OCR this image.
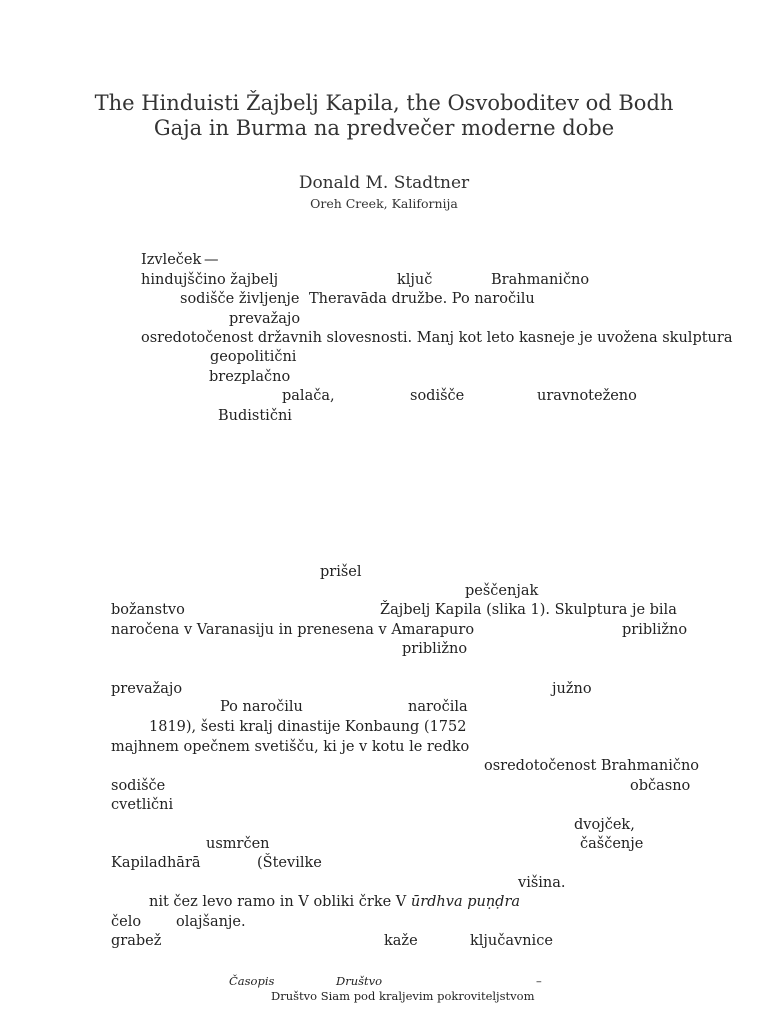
The Hinduisti Žajbelj Kapila, the Osvoboditev od Bodh
Gaja in Burma na predvečer moderne dobe
Donald M. Stadtner
Oreh Creek, Kalifornija
Izvleček —
hindujščino žajbelj	ključ	Brahmanično
sodišče življenje Theravāda družbe. Po naročilu
prevažajo
osredotočenost državnih slovesnosti. Manj kot leto kasneje je uvožena skulptura
geopolitični
brezplačno
palača,	sodišče	uravnoteženo
Budistični
prišel
peščenjak
božanstvo	Žajbelj Kapila (slika 1). Skulptura je bila
naročena v Varanasiju in prenesena v Amarapuro	približno
približno
prevažajo	južno
Po naročilu	naročila
1819), šesti kralj dinastije Konbaung (1752
majhnem opečnem svetišču, ki je v kotu le redko
osredotočenost Brahmanično
sodišče	občasno
cvetlični
dvojček,
usmrčen	čaščenje
Kapiladhārā	(Številke
višina.
nit čez levo ramo in V obliki črke V ūrdhva puṇḍra
čelo olajšanje.
grabež	kaže	ključavnice
Časopis	Društvo	–
Društvo Siam pod kraljevim pokroviteljstvom
